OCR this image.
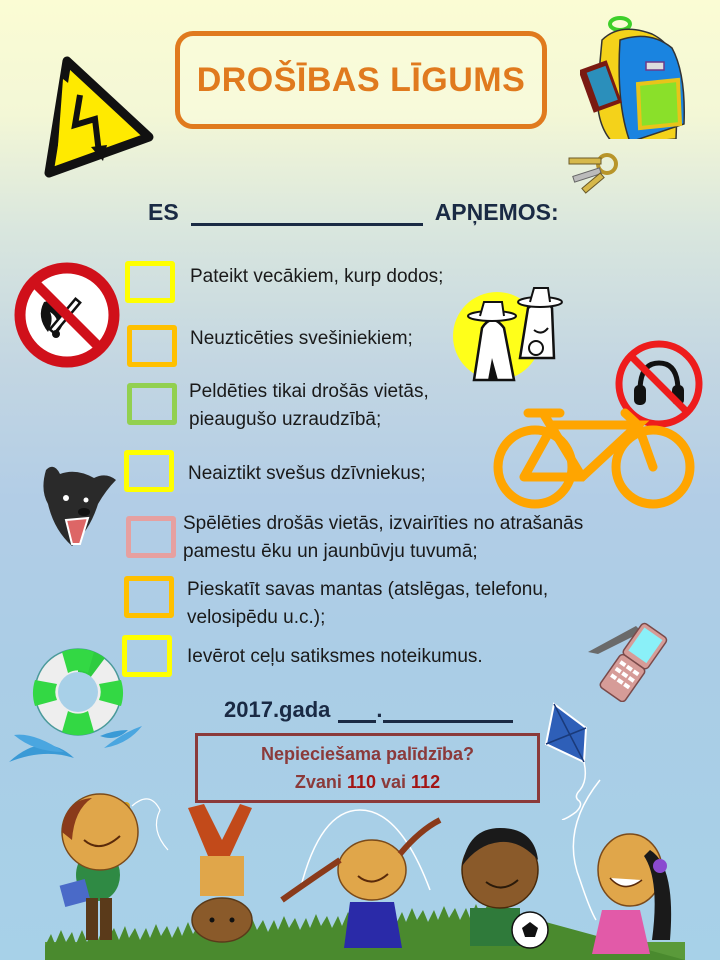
DROŠĪBAS LĪGUMS
ES	APŅEMOS:
Pateikt vecākiem, kurp dodos;
Neuzticēties svešiniekiem;
Peldēties tikai drošās vietās,
pieaugušo uzraudzībā;
Neaiztikt svešus dzīvniekus;
Spēlēties drošās vietās, izvairīties no atrašanās
pamestu ēku un jaunbūvju tuvumā;
Pieskatīt savas mantas (atslēgas, telefonu,
velosipēdu u.c.);
Ievērot ceļu satiksmes noteikumus.
2017.gada .
Nepieciešama palīdzība?
Zvani 110 vai 112
